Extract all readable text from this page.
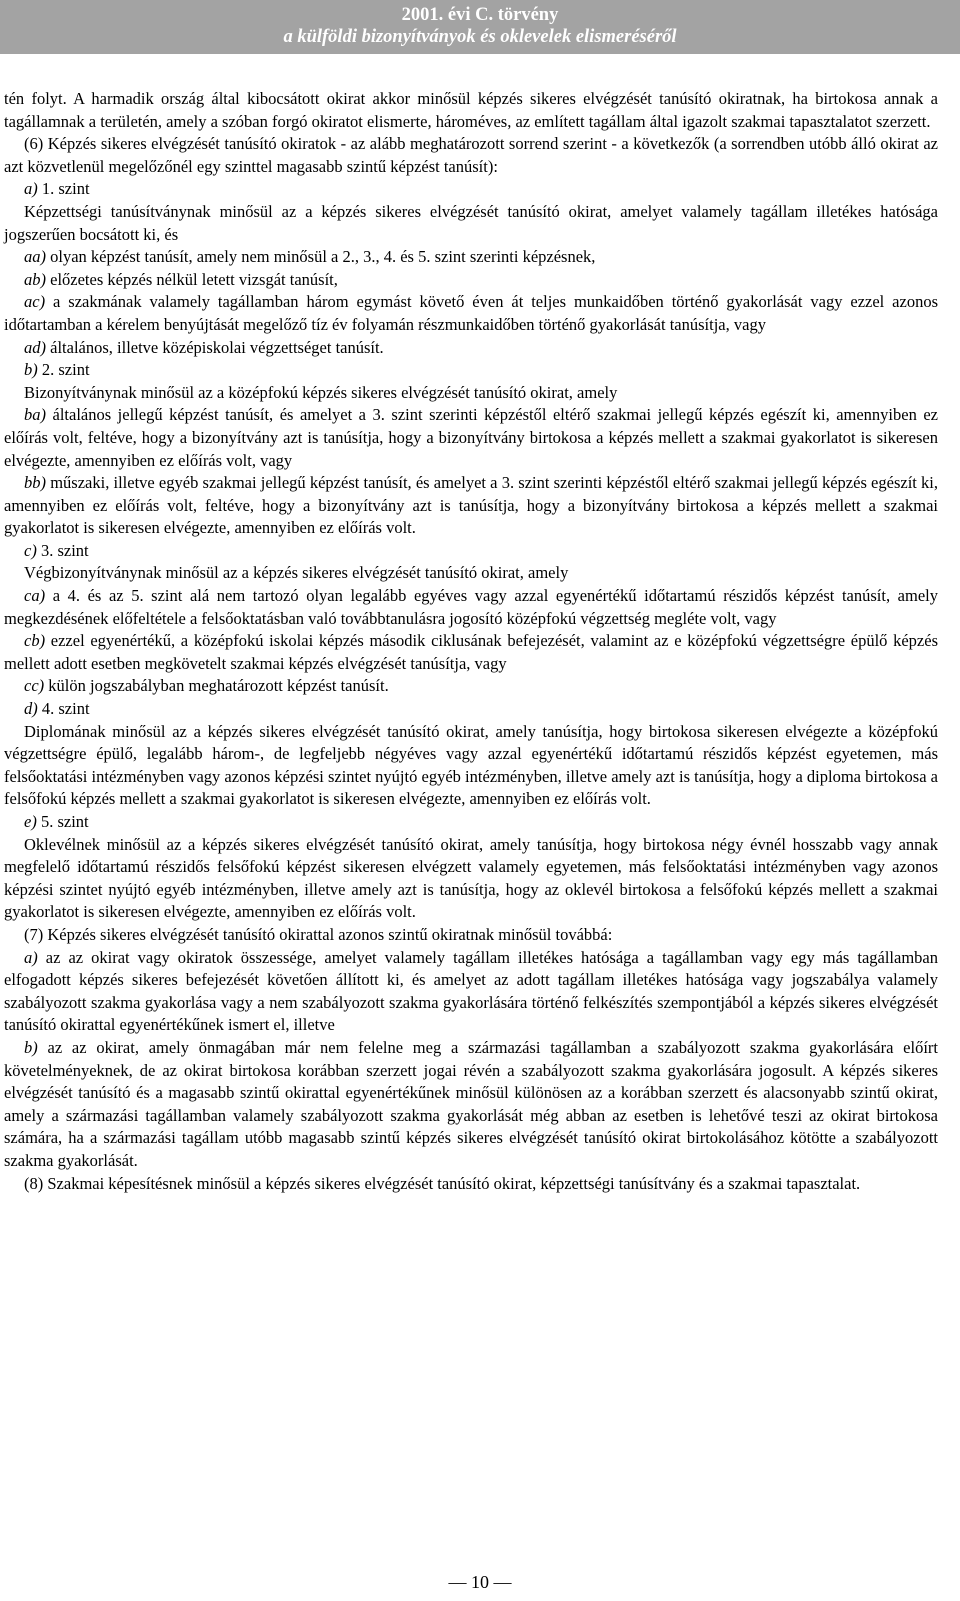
2001. évi C. törvény
a külföldi bizonyítványok és oklevelek elismeréséről

tén folyt. A harmadik ország által kibocsátott okirat akkor minősül képzés sikeres elvégzését tanúsító okiratnak, ha birtokosa annak a tagállamnak a területén, amely a szóban forgó okiratot elismerte, hároméves, az említett tagállam által igazolt szakmai tapasztalatot szerzett.

(6) Képzés sikeres elvégzését tanúsító okiratok - az alább meghatározott sorrend szerint - a következők (a sorrendben utóbb álló okirat az azt közvetlenül megelőzőnél egy szinttel magasabb szintű képzést tanúsít):

a) 1. szint

Képzettségi tanúsítványnak minősül az a képzés sikeres elvégzését tanúsító okirat, amelyet valamely tagállam illetékes hatósága jogszerűen bocsátott ki, és

aa) olyan képzést tanúsít, amely nem minősül a 2., 3., 4. és 5. szint szerinti képzésnek,

ab) előzetes képzés nélkül letett vizsgát tanúsít,

ac) a szakmának valamely tagállamban három egymást követő éven át teljes munkaidőben történő gyakorlását vagy ezzel azonos időtartamban a kérelem benyújtását megelőző tíz év folyamán részmunkaidőben történő gyakorlását tanúsítja, vagy

ad) általános, illetve középiskolai végzettséget tanúsít.

b) 2. szint

Bizonyítványnak minősül az a középfokú képzés sikeres elvégzését tanúsító okirat, amely

ba) általános jellegű képzést tanúsít, és amelyet a 3. szint szerinti képzéstől eltérő szakmai jellegű képzés egészít ki, amennyiben ez előírás volt, feltéve, hogy a bizonyítvány azt is tanúsítja, hogy a bizonyítvány birtokosa a képzés mellett a szakmai gyakorlatot is sikeresen elvégezte, amennyiben ez előírás volt, vagy

bb) műszaki, illetve egyéb szakmai jellegű képzést tanúsít, és amelyet a 3. szint szerinti képzéstől eltérő szakmai jellegű képzés egészít ki, amennyiben ez előírás volt, feltéve, hogy a bizonyítvány azt is tanúsítja, hogy a bizonyítvány birtokosa a képzés mellett a szakmai gyakorlatot is sikeresen elvégezte, amennyiben ez előírás volt.

c) 3. szint

Végbizonyítványnak minősül az a képzés sikeres elvégzését tanúsító okirat, amely

ca) a 4. és az 5. szint alá nem tartozó olyan legalább egyéves vagy azzal egyenértékű időtartamú részidős képzést tanúsít, amely megkezdésének előfeltétele a felsőoktatásban való továbbtanulásra jogosító középfokú végzettség megléte volt, vagy

cb) ezzel egyenértékű, a középfokú iskolai képzés második ciklusának befejezését, valamint az e középfokú végzettségre épülő képzés mellett adott esetben megkövetelt szakmai képzés elvégzését tanúsítja, vagy

cc) külön jogszabályban meghatározott képzést tanúsít.

d) 4. szint

Diplomának minősül az a képzés sikeres elvégzését tanúsító okirat, amely tanúsítja, hogy birtokosa sikeresen elvégezte a középfokú végzettségre épülő, legalább három-, de legfeljebb négyéves vagy azzal egyenértékű időtartamú részidős képzést egyetemen, más felsőoktatási intézményben vagy azonos képzési szintet nyújtó egyéb intézményben, illetve amely azt is tanúsítja, hogy a diploma birtokosa a felsőfokú képzés mellett a szakmai gyakorlatot is sikeresen elvégezte, amennyiben ez előírás volt.

e) 5. szint

Oklevélnek minősül az a képzés sikeres elvégzését tanúsító okirat, amely tanúsítja, hogy birtokosa négy évnél hosszabb vagy annak megfelelő időtartamú részidős felsőfokú képzést sikeresen elvégzett valamely egyetemen, más felsőoktatási intézményben vagy azonos képzési szintet nyújtó egyéb intézményben, illetve amely azt is tanúsítja, hogy az oklevél birtokosa a felsőfokú képzés mellett a szakmai gyakorlatot is sikeresen elvégezte, amennyiben ez előírás volt.

(7) Képzés sikeres elvégzését tanúsító okirattal azonos szintű okiratnak minősül továbbá:

a) az az okirat vagy okiratok összessége, amelyet valamely tagállam illetékes hatósága a tagállamban vagy egy más tagállamban elfogadott képzés sikeres befejezését követően állított ki, és amelyet az adott tagállam illetékes hatósága vagy jogszabálya valamely szabályozott szakma gyakorlása vagy a nem szabályozott szakma gyakorlására történő felkészítés szempontjából a képzés sikeres elvégzését tanúsító okirattal egyenértékűnek ismert el, illetve

b) az az okirat, amely önmagában már nem felelne meg a származási tagállamban a szabályozott szakma gyakorlására előírt követelményeknek, de az okirat birtokosa korábban szerzett jogai révén a szabályozott szakma gyakorlására jogosult. A képzés sikeres elvégzését tanúsító és a magasabb szintű okirattal egyenértékűnek minősül különösen az a korábban szerzett és alacsonyabb szintű okirat, amely a származási tagállamban valamely szabályozott szakma gyakorlását még abban az esetben is lehetővé teszi az okirat birtokosa számára, ha a származási tagállam utóbb magasabb szintű képzés sikeres elvégzését tanúsító okirat birtokolásához kötötte a szabályozott szakma gyakorlását.

(8) Szakmai képesítésnek minősül a képzés sikeres elvégzését tanúsító okirat, képzettségi tanúsítvány és a szakmai tapasztalat.

— 10 —
